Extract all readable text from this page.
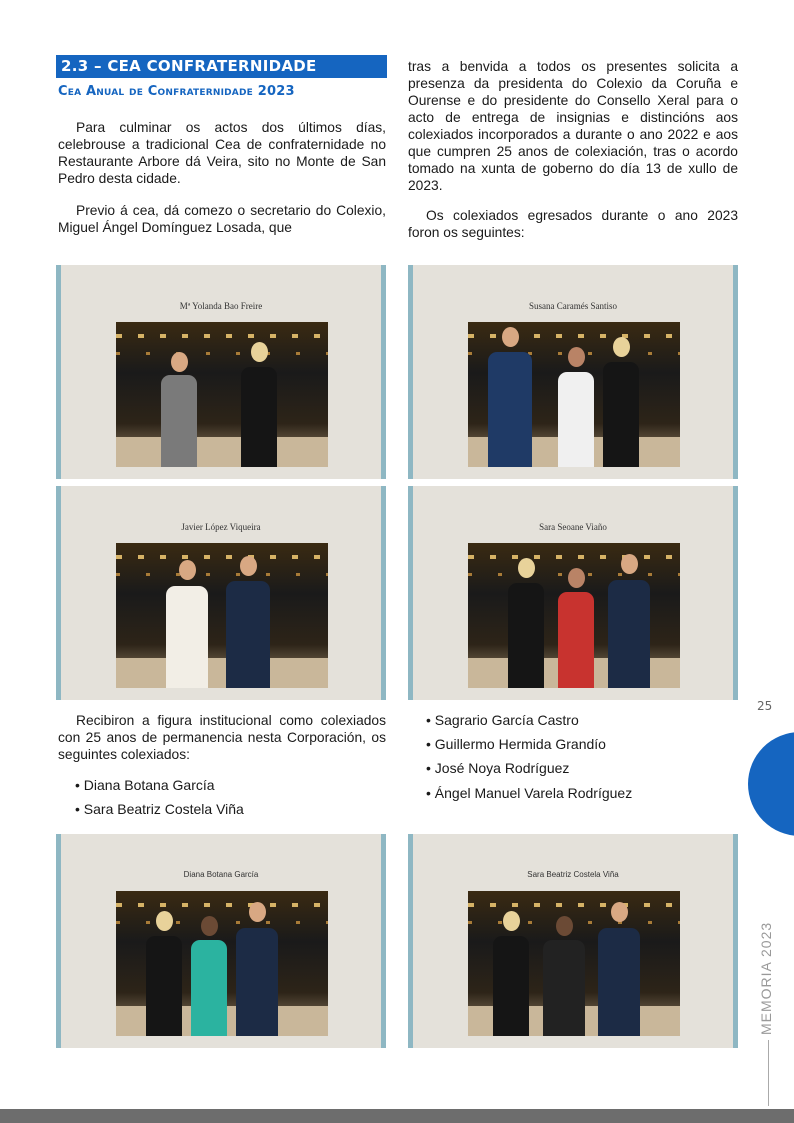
2.3 – CEA CONFRATERNIDADE
Cea Anual de Confraternidade 2023

Para culminar os actos dos últimos días, celebrouse a tradicional Cea de confraternidade no Restaurante Arbore dá Veira, sito no Monte de San Pedro desta cidade.

Previo á cea, dá comezo o secretario do Colexio, Miguel Ángel Domínguez Losada, que

tras a benvida a todos os presentes solicita a presenza da presidenta do Colexio da Coruña e Ourense e do presidente do Consello Xeral para o acto de entrega de insignias e distincións aos colexiados incorporados a durante o ano 2022 e aos que cumpren 25 anos de colexiación, tras o acordo tomado na xunta de goberno do día 13 de xullo de 2023.

Os colexiados egresados durante o ano 2023 foron os seguintes:

Mª Yolanda Bao Freire	Susana Caramés Santiso
Javier López Viqueira	Sara Seoane Viaño

Recibiron a figura institucional como colexiados con 25 anos de permanencia nesta Corporación, os seguintes colexiados:

• Diana Botana García
• Sara Beatriz Costela Viña
• Sagrario García Castro
• Guillermo Hermida Grandío
• José Noya Rodríguez
• Ángel Manuel Varela Rodríguez
Diana Botana García	Sara Beatriz Costela Viña
25
MEMORIA 2023
